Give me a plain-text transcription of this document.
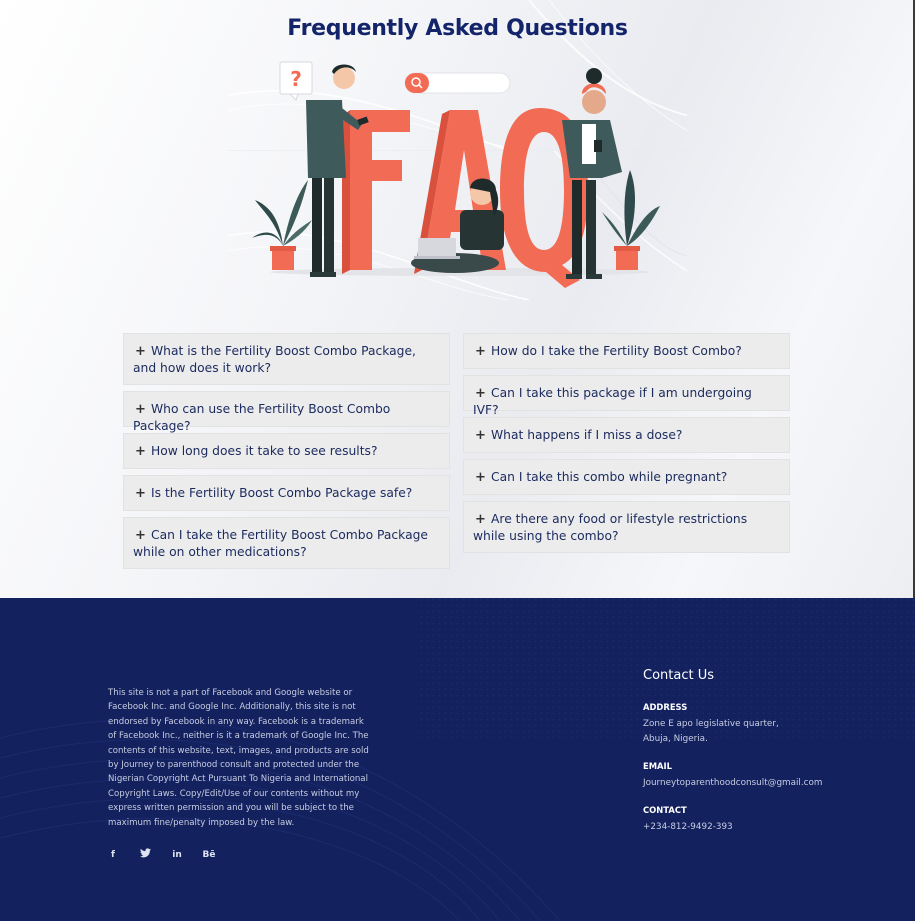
Frequently Asked Questions
?
+ What is the Fertility Boost Combo Package, and how does it work?
+ Who can use the Fertility Boost Combo Package?
+ How long does it take to see results?
+ Is the Fertility Boost Combo Package safe?
+ Can I take the Fertility Boost Combo Package while on other medications?
+ How do I take the Fertility Boost Combo?
+ Can I take this package if I am undergoing IVF?
+ What happens if I miss a dose?
+ Can I take this combo while pregnant?
+ Are there any food or lifestyle restrictions while using the combo?

This site is not a part of Facebook and Google website or Facebook Inc. and Google Inc. Additionally, this site is not endorsed by Facebook in any way. Facebook is a trademark of Facebook Inc., neither is it a trademark of Google Inc. The contents of this website, text, images, and products are sold by Journey to parenthood consult and protected under the Nigerian Copyright Act Pursuant To Nigeria and International Copyright Laws. Copy/Edit/Use of our contents without my express written permission and you will be subject to the maximum fine/penalty imposed by the law.

f	in Bē
Contact Us
ADDRESS
Zone E apo legislative quarter, Abuja, Nigeria.
EMAIL
Journeytoparenthoodconsult@gmail.com
CONTACT
+234-812-9492-393
